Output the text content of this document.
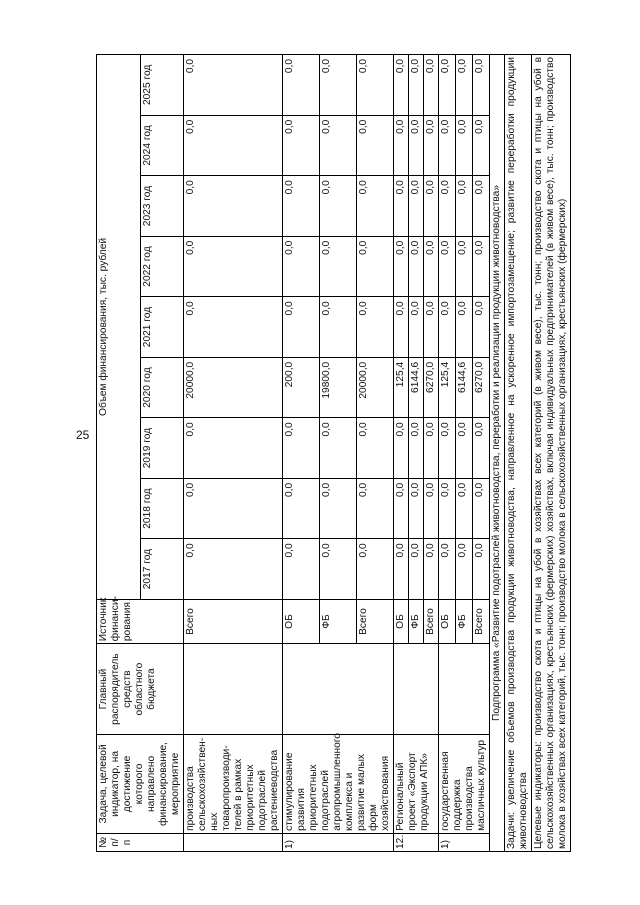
25
№ п/п	Задача, целевой индикатор, на достижение которого направлено финансирование, мероприятие	Главный распорядитель средств областного бюджета	Источник финанси-рования	Объем финансирования, тыс. рублей								
				2017 год	2018 год	2019 год	2020 год	2021 год	2022 год	2023 год	2024 год	2025 год
	производства сельскохозяйствен-ных товаропроизводи-телей в рамках приоритетных подотраслей растениеводства		Всего	0,0	0,0	0,0	20000,0	0,0	0,0	0,0	0,0	0,0
1)	стимулирование развития приоритетных подотраслей агропромышленного комплекса и развитие малых форм хозяйствования		ОБ	0,0	0,0	0,0	200,0	0,0	0,0	0,0	0,0	0,0
			ФБ	0,0	0,0	0,0	19800,0	0,0	0,0	0,0	0,0	0,0
			Всего	0,0	0,0	0,0	20000,0	0,0	0,0	0,0	0,0	0,0
12.	Региональный проект «Экспорт продукции АПК»		ОБ	0,0	0,0	0,0	125,4	0,0	0,0	0,0	0,0	0,0
			ФБ	0,0	0,0	0,0	6144,6	0,0	0,0	0,0	0,0	0,0
			Всего	0,0	0,0	0,0	6270,0	0,0	0,0	0,0	0,0	0,0
1)	государственная поддержка производства масличных культур		ОБ	0,0	0,0	0,0	125,4	0,0	0,0	0,0	0,0	0,0
			ФБ	0,0	0,0	0,0	6144,6	0,0	0,0	0,0	0,0	0,0
			Всего	0,0	0,0	0,0	6270,0	0,0	0,0	0,0	0,0	0,0
Подпрограмма «Развитие подотраслей животноводства, переработки и реализации продукции животноводства»												
Задачи: увеличение объемов производства продукции животноводства, направленное на ускоренное импортозамещение; развитие переработки продукции животноводства												
Целевые индикаторы: производство скота и птицы на убой в хозяйствах всех категорий (в живом весе), тыс. тонн; производство скота и птицы на убой в сельскохозяйственных организациях, крестьянских (фермерских) хозяйствах, включая индивидуальных предпринимателей (в живом весе), тыс. тонн; производство молока в хозяйствах всех категорий, тыс. тонн; производство молока в сельскохозяйственных организациях, крестьянских (фермерских)												
